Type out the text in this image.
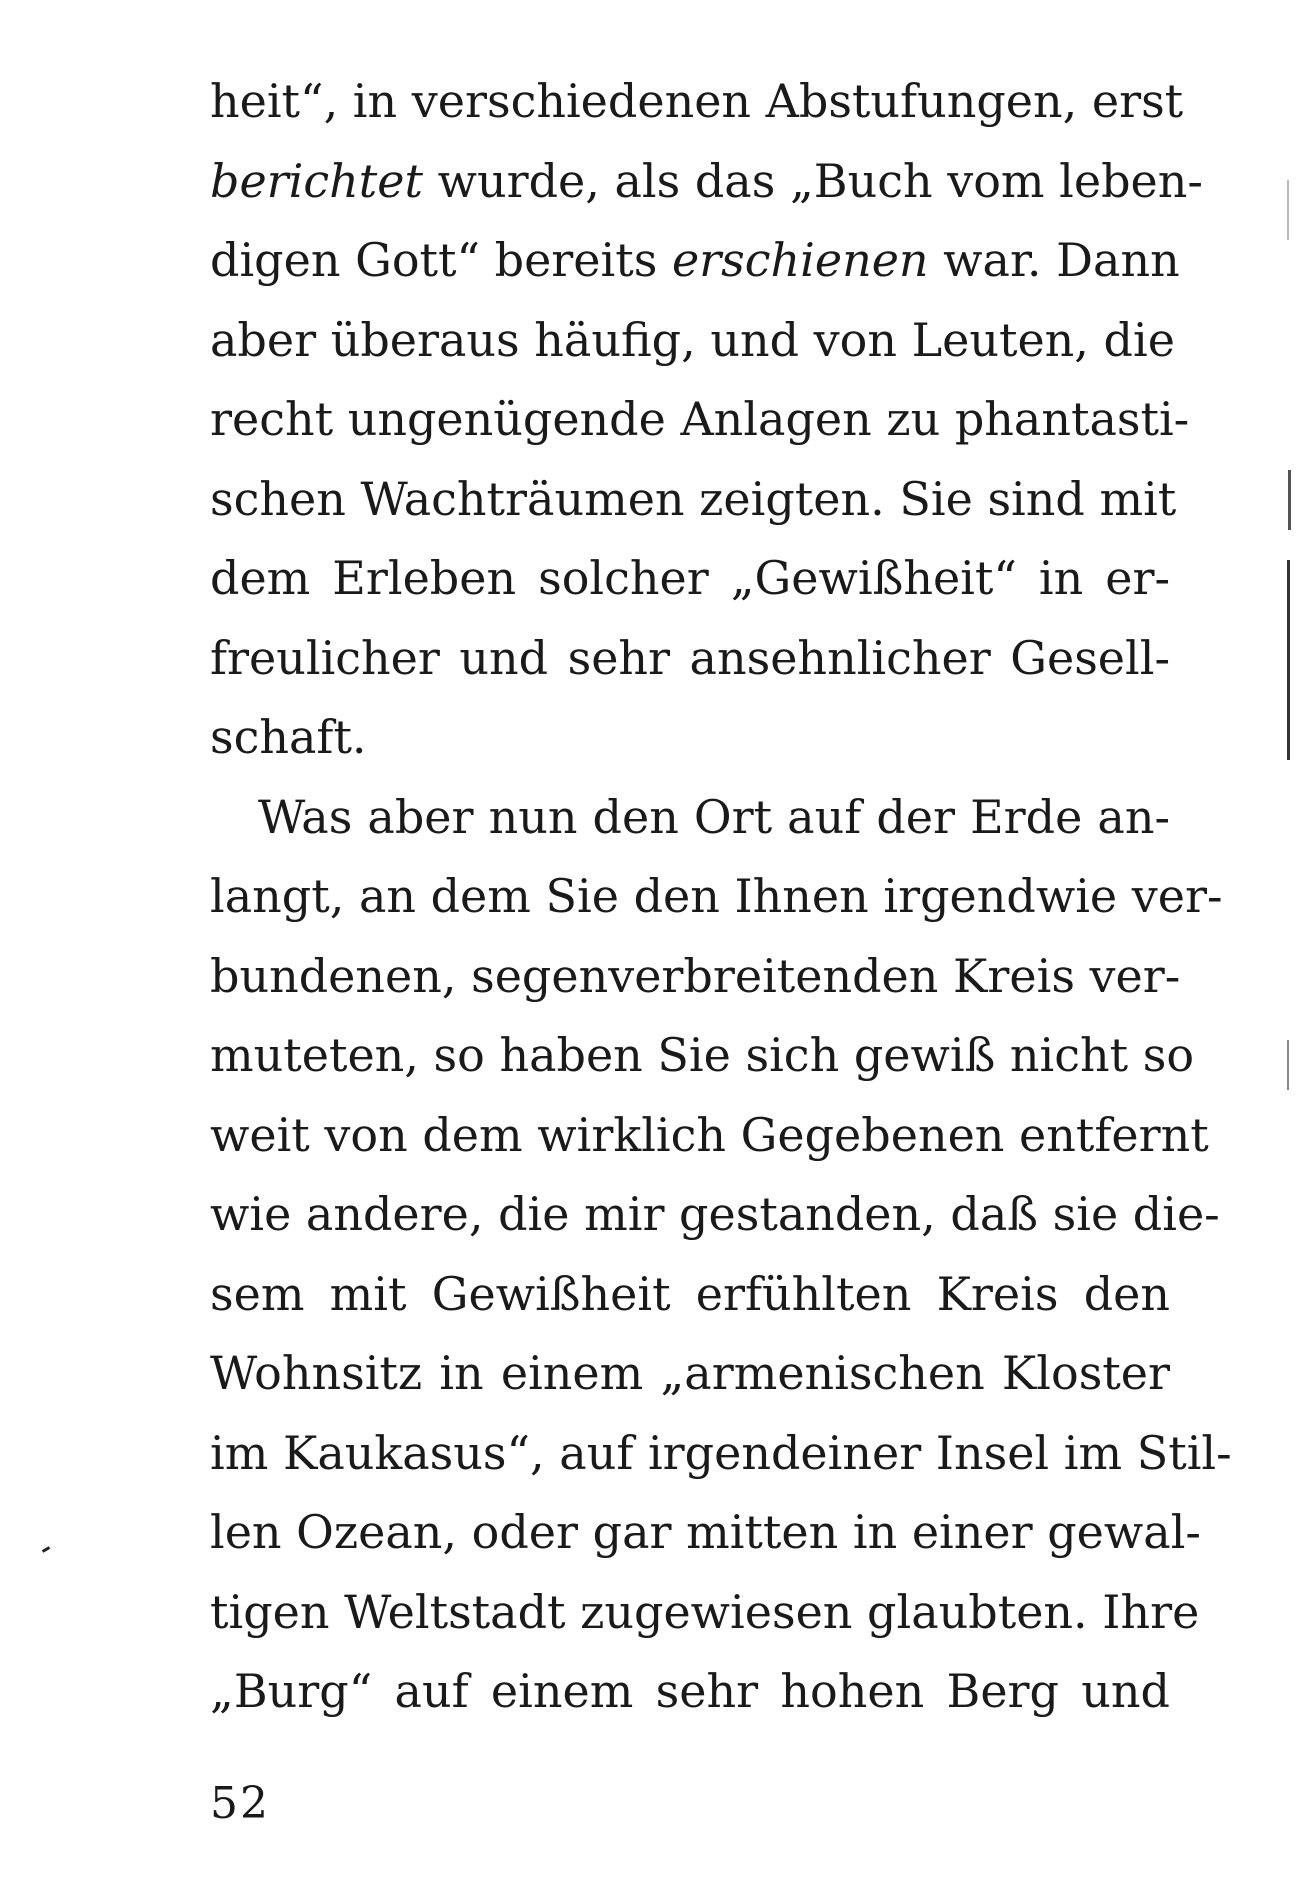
heit“, in verschiedenen Abstufungen, erst
berichtet wurde, als das „Buch vom leben-
digen Gott“ bereits erschienen war. Dann
aber überaus häufig, und von Leuten, die
recht ungenügende Anlagen zu phantasti-
schen Wachträumen zeigten. Sie sind mit
dem Erleben solcher „Gewißheit“ in er-
freulicher und sehr ansehnlicher Gesell-
schaft.
Was aber nun den Ort auf der Erde an-
langt, an dem Sie den Ihnen irgendwie ver-
bundenen, segenverbreitenden Kreis ver-
muteten, so haben Sie sich gewiß nicht so
weit von dem wirklich Gegebenen entfernt
wie andere, die mir gestanden, daß sie die-
sem mit Gewißheit erfühlten Kreis den
Wohnsitz in einem „armenischen Kloster
im Kaukasus“, auf irgendeiner Insel im Stil-
len Ozean, oder gar mitten in einer gewal-
tigen Weltstadt zugewiesen glaubten. Ihre
„Burg“ auf einem sehr hohen Berg und
52
